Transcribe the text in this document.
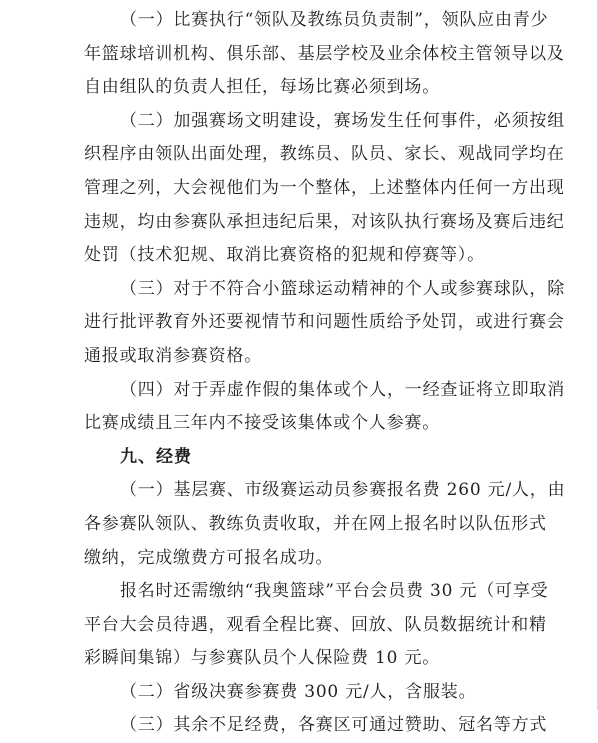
（一）比赛执行“领队及教练员负责制”，领队应由青少
年篮球培训机构、俱乐部、基层学校及业余体校主管领导以及
自由组队的负责人担任，每场比赛必须到场。
（二）加强赛场文明建设，赛场发生任何事件，必须按组
织程序由领队出面处理，教练员、队员、家长、观战同学均在
管理之列，大会视他们为一个整体，上述整体内任何一方出现
违规，均由参赛队承担违纪后果，对该队执行赛场及赛后违纪
处罚（技术犯规、取消比赛资格的犯规和停赛等）。
（三）对于不符合小篮球运动精神的个人或参赛球队，除
进行批评教育外还要视情节和问题性质给予处罚，或进行赛会
通报或取消参赛资格。
（四）对于弄虚作假的集体或个人，一经查证将立即取消
比赛成绩且三年内不接受该集体或个人参赛。
九、经费
（一）基层赛、市级赛运动员参赛报名费 260 元/人，由
各参赛队领队、教练负责收取，并在网上报名时以队伍形式
缴纳，完成缴费方可报名成功。
报名时还需缴纳“我奥篮球”平台会员费 30 元（可享受
平台大会员待遇，观看全程比赛、回放、队员数据统计和精
彩瞬间集锦）与参赛队员个人保险费 10 元。
（二）省级决赛参赛费 300 元/人，含服装。
（三）其余不足经费，各赛区可通过赞助、冠名等方式
